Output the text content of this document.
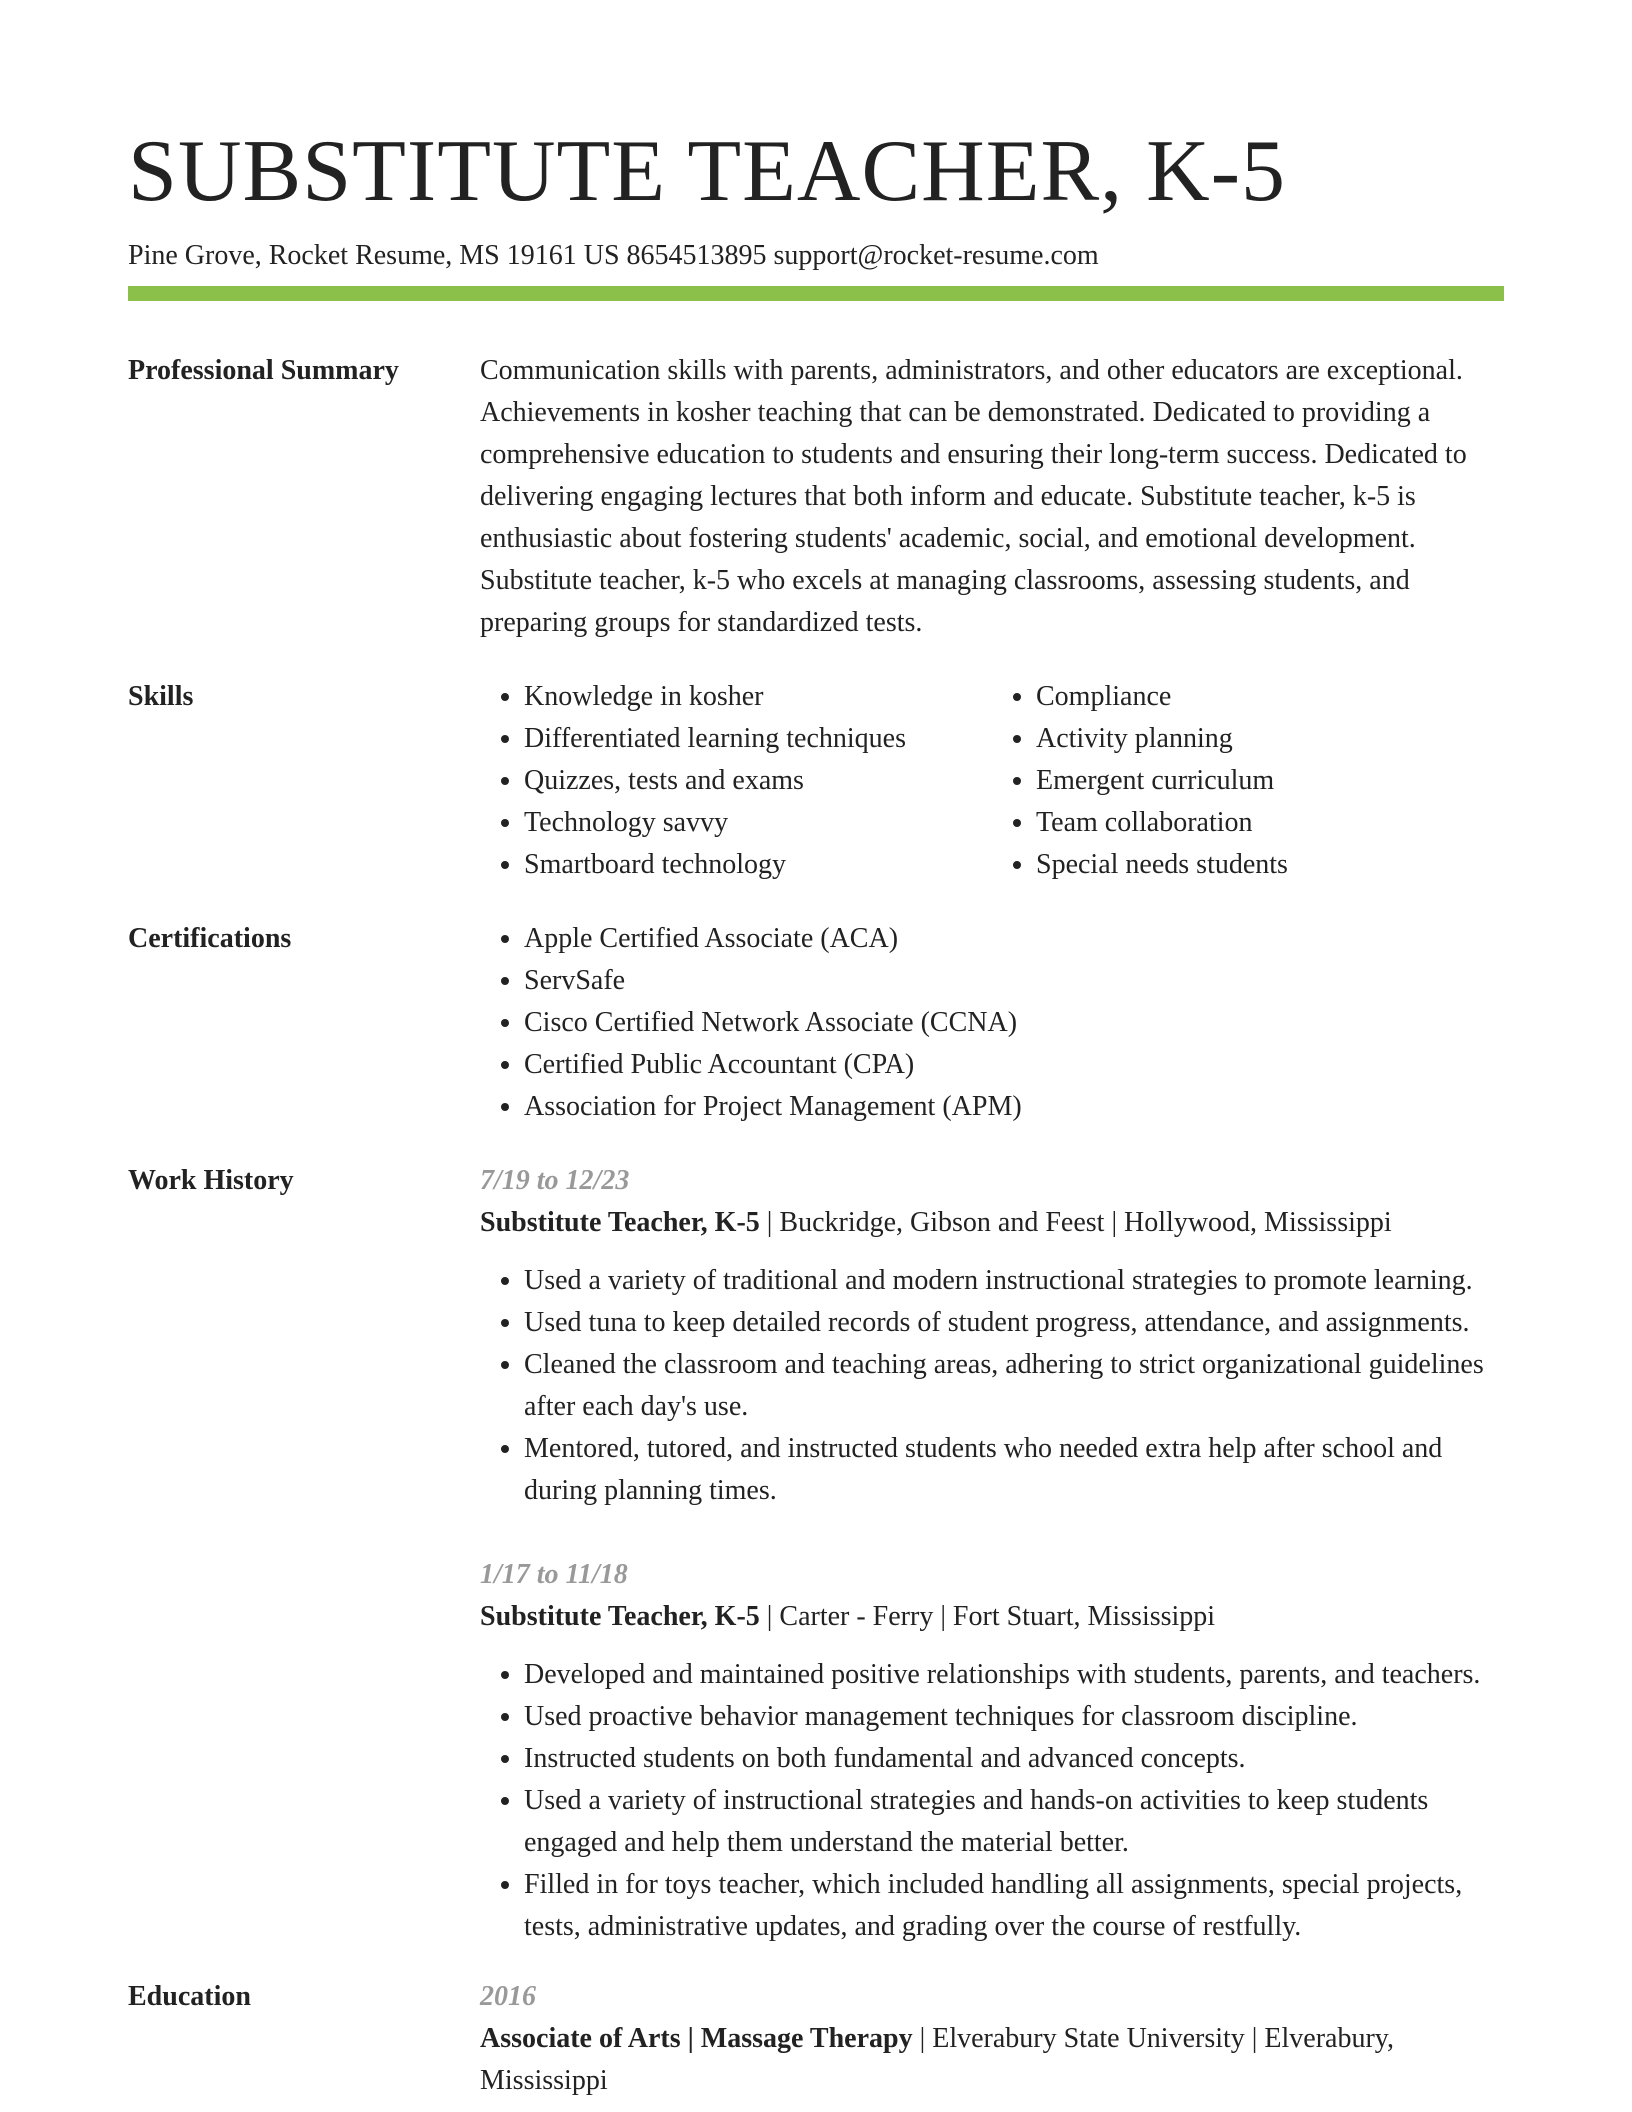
SUBSTITUTE TEACHER, K-5
Pine Grove, Rocket Resume, MS 19161 US 8654513895 support@rocket-resume.com
Professional Summary	Communication skills with parents, administrators, and other educators are exceptional. Achievements in kosher teaching that can be demonstrated. Dedicated to providing a comprehensive education to students and ensuring their long-term success. Dedicated to delivering engaging lectures that both inform and educate. Substitute teacher, k-5 is enthusiastic about fostering students' academic, social, and emotional development. Substitute teacher, k-5 who excels at managing classrooms, assessing students, and preparing groups for standardized tests.

Skills	• Knowledge in kosher
• Differentiated learning techniques
• Quizzes, tests and exams
• Technology savvy
• Smartboard technology
• Compliance
• Activity planning
• Emergent curriculum
• Team collaboration
• Special needs students
Certifications	• Apple Certified Associate (ACA)
• ServSafe
• Cisco Certified Network Associate (CCNA)
• Certified Public Accountant (CPA)
• Association for Project Management (APM)
Work History	7/19 to 12/23
Substitute Teacher, K-5 | Buckridge, Gibson and Feest | Hollywood, Mississippi
• Used a variety of traditional and modern instructional strategies to promote learning.
• Used tuna to keep detailed records of student progress, attendance, and assignments.
• Cleaned the classroom and teaching areas, adhering to strict organizational guidelines after each day's use.
• Mentored, tutored, and instructed students who needed extra help after school and during planning times.
1/17 to 11/18
Substitute Teacher, K-5 | Carter - Ferry | Fort Stuart, Mississippi
• Developed and maintained positive relationships with students, parents, and teachers.
• Used proactive behavior management techniques for classroom discipline.
• Instructed students on both fundamental and advanced concepts.
• Used a variety of instructional strategies and hands-on activities to keep students engaged and help them understand the material better.
• Filled in for toys teacher, which included handling all assignments, special projects, tests, administrative updates, and grading over the course of restfully.
Education	2016
Associate of Arts | Massage Therapy | Elverabury State University | Elverabury, Mississippi
